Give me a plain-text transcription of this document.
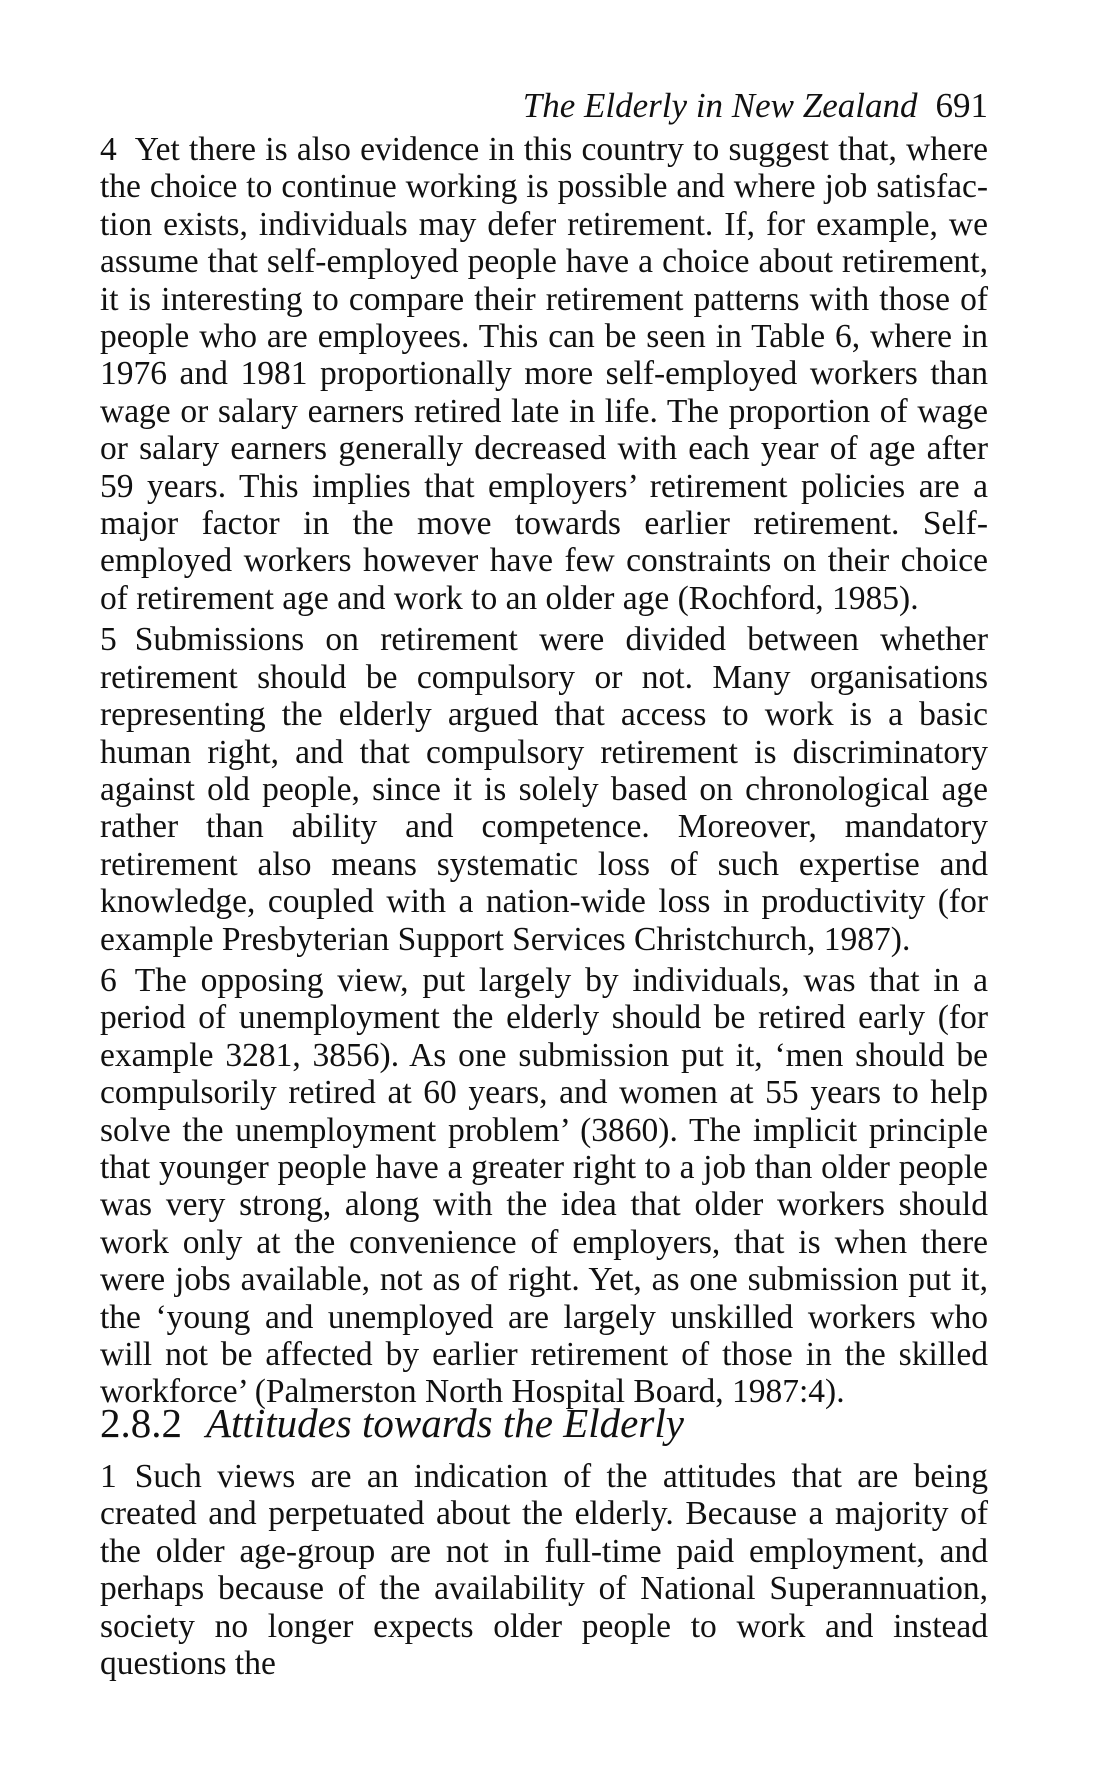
The Elderly in New Zealand 691

4 Yet there is also evidence in this country to suggest that, where the choice to continue working is possible and where job satisfaction exists, individuals may defer retirement. If, for example, we assume that self-employed people have a choice about retirement, it is interesting to compare their retirement patterns with those of people who are employees. This can be seen in Table 6, where in 1976 and 1981 proportionally more self-employed workers than wage or salary earners retired late in life. The proportion of wage or salary earners generally decreased with each year of age after 59 years. This implies that employers’ retirement policies are a major factor in the move towards earlier retirement. Self-employed workers however have few constraints on their choice of retirement age and work to an older age (Rochford, 1985).

5 Submissions on retirement were divided between whether retirement should be compulsory or not. Many organisations representing the elderly argued that access to work is a basic human right, and that compulsory retirement is discriminatory against old people, since it is solely based on chronological age rather than ability and competence. Moreover, mandatory retirement also means systematic loss of such expertise and knowledge, coupled with a nation-wide loss in productivity (for example Presbyterian Support Services Christchurch, 1987).

6 The opposing view, put largely by individuals, was that in a period of unemployment the elderly should be retired early (for example 3281, 3856). As one submission put it, ‘men should be compulsorily retired at 60 years, and women at 55 years to help solve the unemployment problem’ (3860). The implicit principle that younger people have a greater right to a job than older people was very strong, along with the idea that older workers should work only at the convenience of employers, that is when there were jobs available, not as of right. Yet, as one submission put it, the ‘young and unemployed are largely unskilled workers who will not be affected by earlier retirement of those in the skilled workforce’ (Palmerston North Hospital Board, 1987:4).

2.8.2 Attitudes towards the Elderly

1 Such views are an indication of the attitudes that are being created and perpetuated about the elderly. Because a majority of the older age-group are not in full-time paid employment, and perhaps because of the availability of National Superannuation, society no longer expects older people to work and instead questions the
